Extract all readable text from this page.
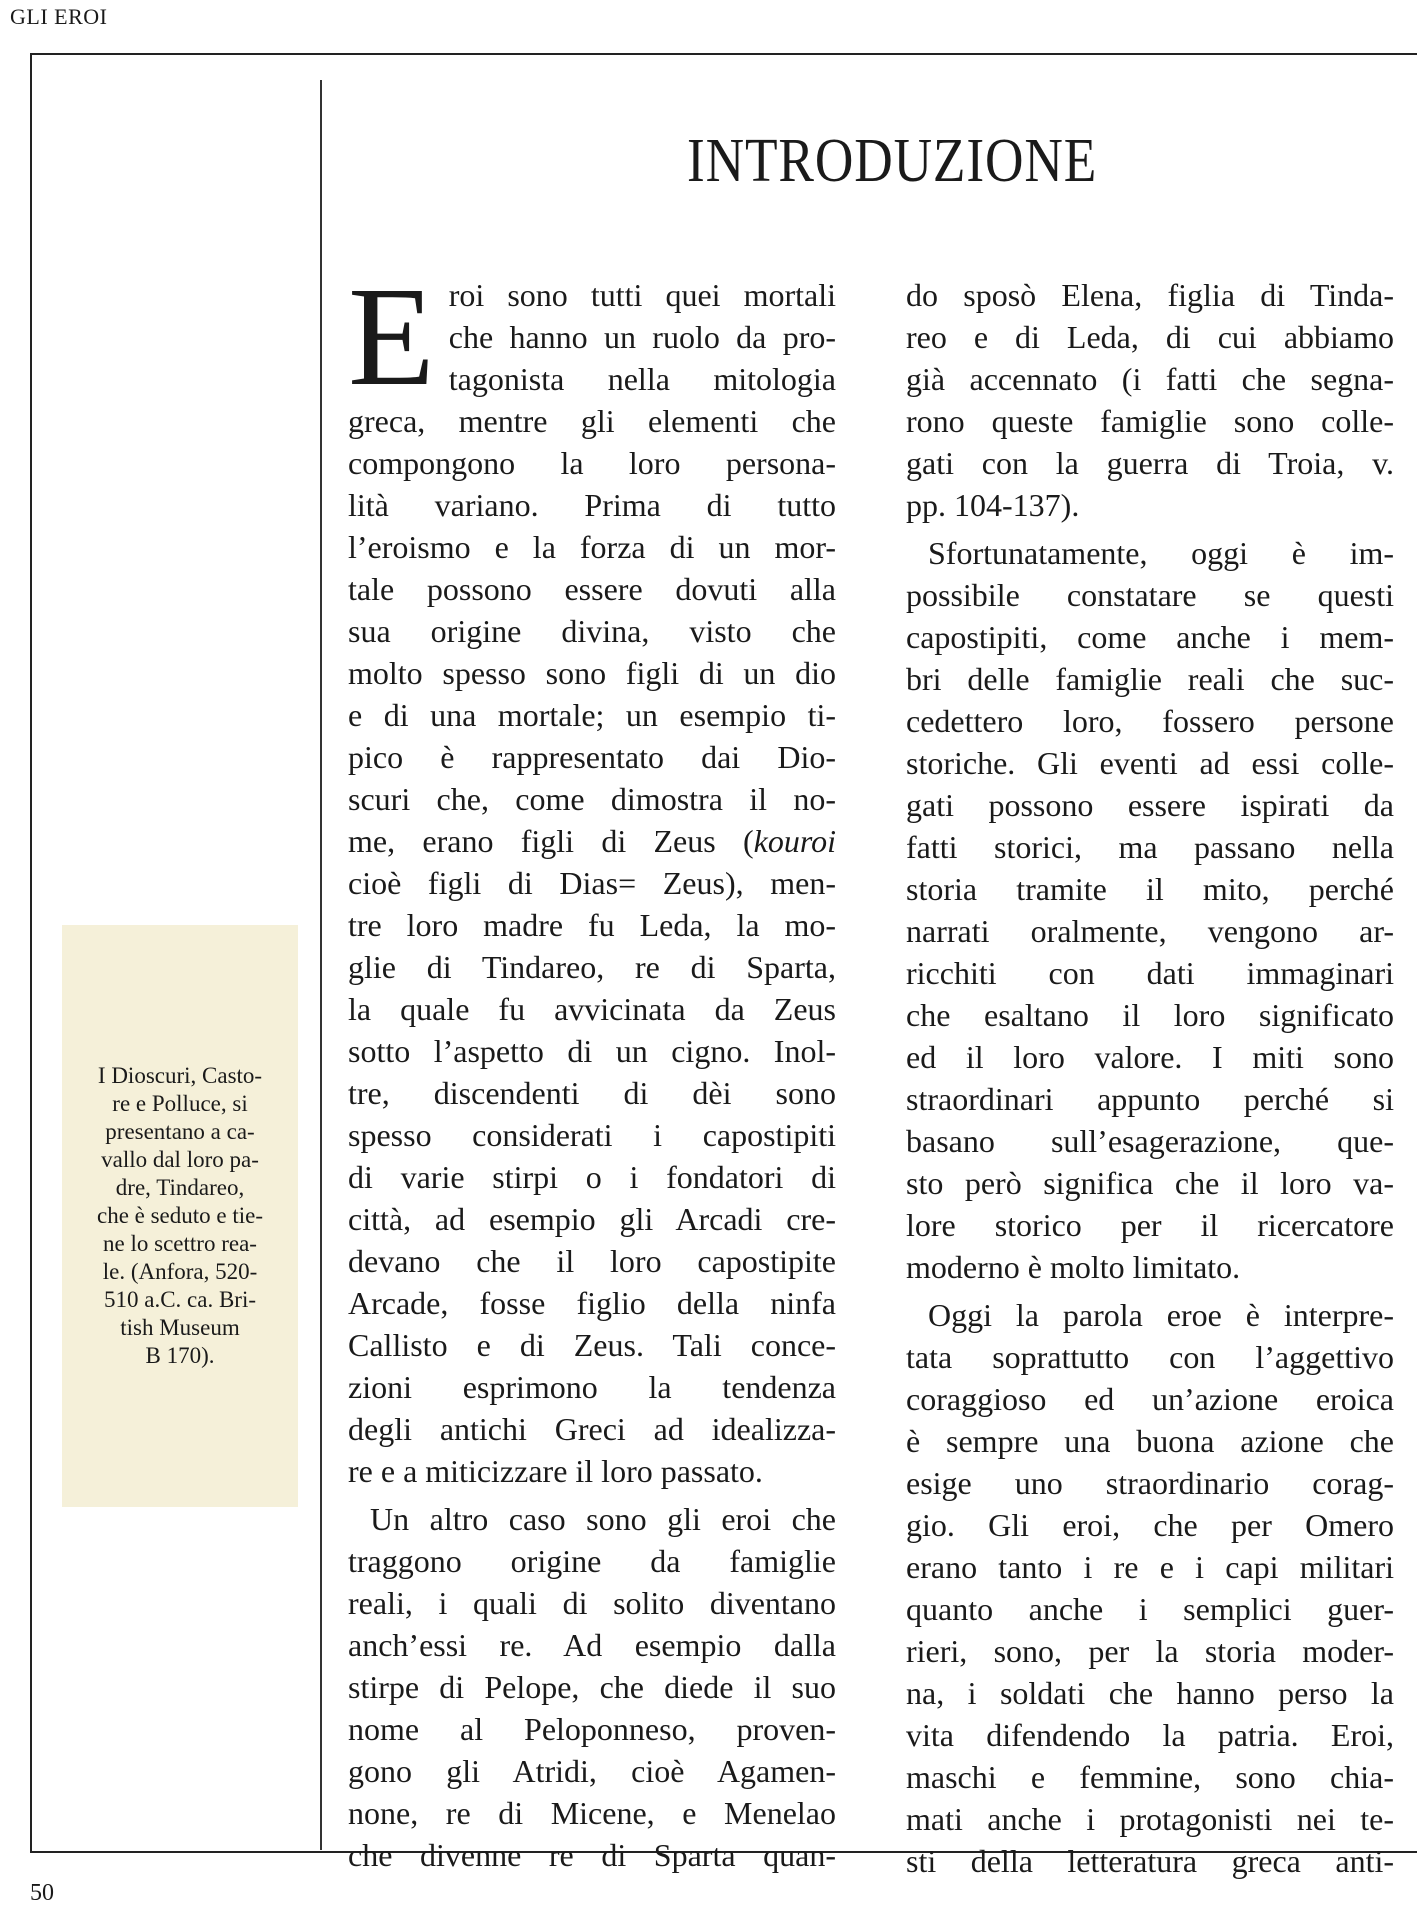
GLI EROI

I Dioscuri, Casto-
re e Polluce, si
presentano a ca-
vallo dal loro pa-
dre, Tindareo,
che è seduto e tie-
ne lo scettro rea-
le. (Anfora, 520-
510 a.C. ca. Bri-
tish Museum
B 170).

INTRODUZIONE
E roi sono tutti quei mortali

che hanno un ruolo da pro-

tagonista nella mitologia

greca, mentre gli elementi che

compongono la loro persona-

lità variano. Prima di tutto

l’eroismo e la forza di un mor-

tale possono essere dovuti alla

sua origine divina, visto che

molto spesso sono figli di un dio

e di una mortale; un esempio ti-

pico è rappresentato dai Dio-

scuri che, come dimostra il no-

me, erano figli di Zeus (kouroi

cioè figli di Dias= Zeus), men-

tre loro madre fu Leda, la mo-

glie di Tindareo, re di Sparta,

la quale fu avvicinata da Zeus

sotto l’aspetto di un cigno. Inol-

tre, discendenti di dèi sono

spesso considerati i capostipiti

di varie stirpi o i fondatori di

città, ad esempio gli Arcadi cre-

devano che il loro capostipite

Arcade, fosse figlio della ninfa

Callisto e di Zeus. Tali conce-

zioni esprimono la tendenza

degli antichi Greci ad idealizza-

re e a miticizzare il loro passato.

Un altro caso sono gli eroi che

traggono origine da famiglie

reali, i quali di solito diventano

anch’essi re. Ad esempio dalla

stirpe di Pelope, che diede il suo

nome al Peloponneso, proven-

gono gli Atridi, cioè Agamen-

none, re di Micene, e Menelao

che divenne re di Sparta quan-

do sposò Elena, figlia di Tinda-

reo e di Leda, di cui abbiamo

già accennato (i fatti che segna-

rono queste famiglie sono colle-

gati con la guerra di Troia, v.

pp. 104-137).

Sfortunatamente, oggi è im-

possibile constatare se questi

capostipiti, come anche i mem-

bri delle famiglie reali che suc-

cedettero loro, fossero persone

storiche. Gli eventi ad essi colle-

gati possono essere ispirati da

fatti storici, ma passano nella

storia tramite il mito, perché

narrati oralmente, vengono ar-

ricchiti con dati immaginari

che esaltano il loro significato

ed il loro valore. I miti sono

straordinari appunto perché si

basano sull’esagerazione, que-

sto però significa che il loro va-

lore storico per il ricercatore

moderno è molto limitato.

Oggi la parola eroe è interpre-

tata soprattutto con l’aggettivo

coraggioso ed un’azione eroica

è sempre una buona azione che

esige uno straordinario corag-

gio. Gli eroi, che per Omero

erano tanto i re e i capi militari

quanto anche i semplici guer-

rieri, sono, per la storia moder-

na, i soldati che hanno perso la

vita difendendo la patria. Eroi,

maschi e femmine, sono chia-

mati anche i protagonisti nei te-

sti della letteratura greca anti-

50
